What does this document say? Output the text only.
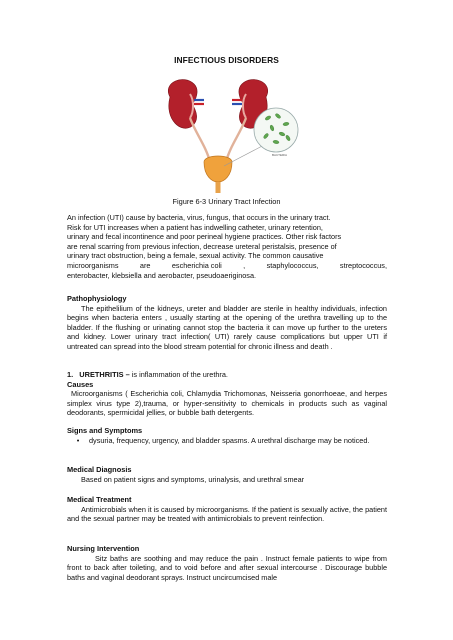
INFECTIOUS DISORDERS
BACTERIA
Figure 6-3 Urinary Tract Infection
An infection (UTI) cause by bacteria, virus, fungus, that occurs in the urinary tract.
Risk for UTI increases when a patient has indwelling catheter, urinary retention,
urinary and fecal incontinence and poor perineal hygiene practices. Other risk factors
are renal scarring from previous infection, decrease ureteral peristalsis, presence of
urinary tract obstruction, being a female, sexual activity. The common causative
microorganisms	are	escherichia coli	,	staphylococcus,	streptococcus,
enterobacter, klebsiella and aerobacter, pseudoaeriginosa.
Pathophysiology
The epithelilium of the kidneys, ureter and bladder are sterile in healthy individuals, infection begins when bacteria enters , usually starting at the opening of the urethra travelling up to the bladder. If the flushing or urinating cannot stop the bacteria it can move up further to the ureters and kidney. Lower urinary tract infection( UTI) rarely cause complications but upper UTI if untreated can spread into the blood stream potential for chronic illness and death .
1. URETHRITIS – is inflammation of the urethra.
Causes
Microorganisms ( Escherichia coli, Chlamydia Trichomonas, Neisseria gonorrhoeae, and herpes simplex virus type 2),trauma, or hyper-sensitivity to chemicals in products such as vaginal deodorants, spermicidal jellies, or bubble bath detergents.
Signs and Symptoms
•	dysuria, frequency, urgency, and bladder spasms. A urethral discharge may be noticed.
Medical Diagnosis
Based on patient signs and symptoms, urinalysis, and urethral smear
Medical Treatment
Antimicrobials when it is caused by microorganisms. If the patient is sexually active, the patient and the sexual partner may be treated with antimicrobials to prevent reinfection.
Nursing Intervention
Sitz baths are soothing and may reduce the pain . Instruct female patients to wipe from front to back after toileting, and to void before and after sexual intercourse . Discourage bubble baths and vaginal deodorant sprays. Instruct uncircumcised male
